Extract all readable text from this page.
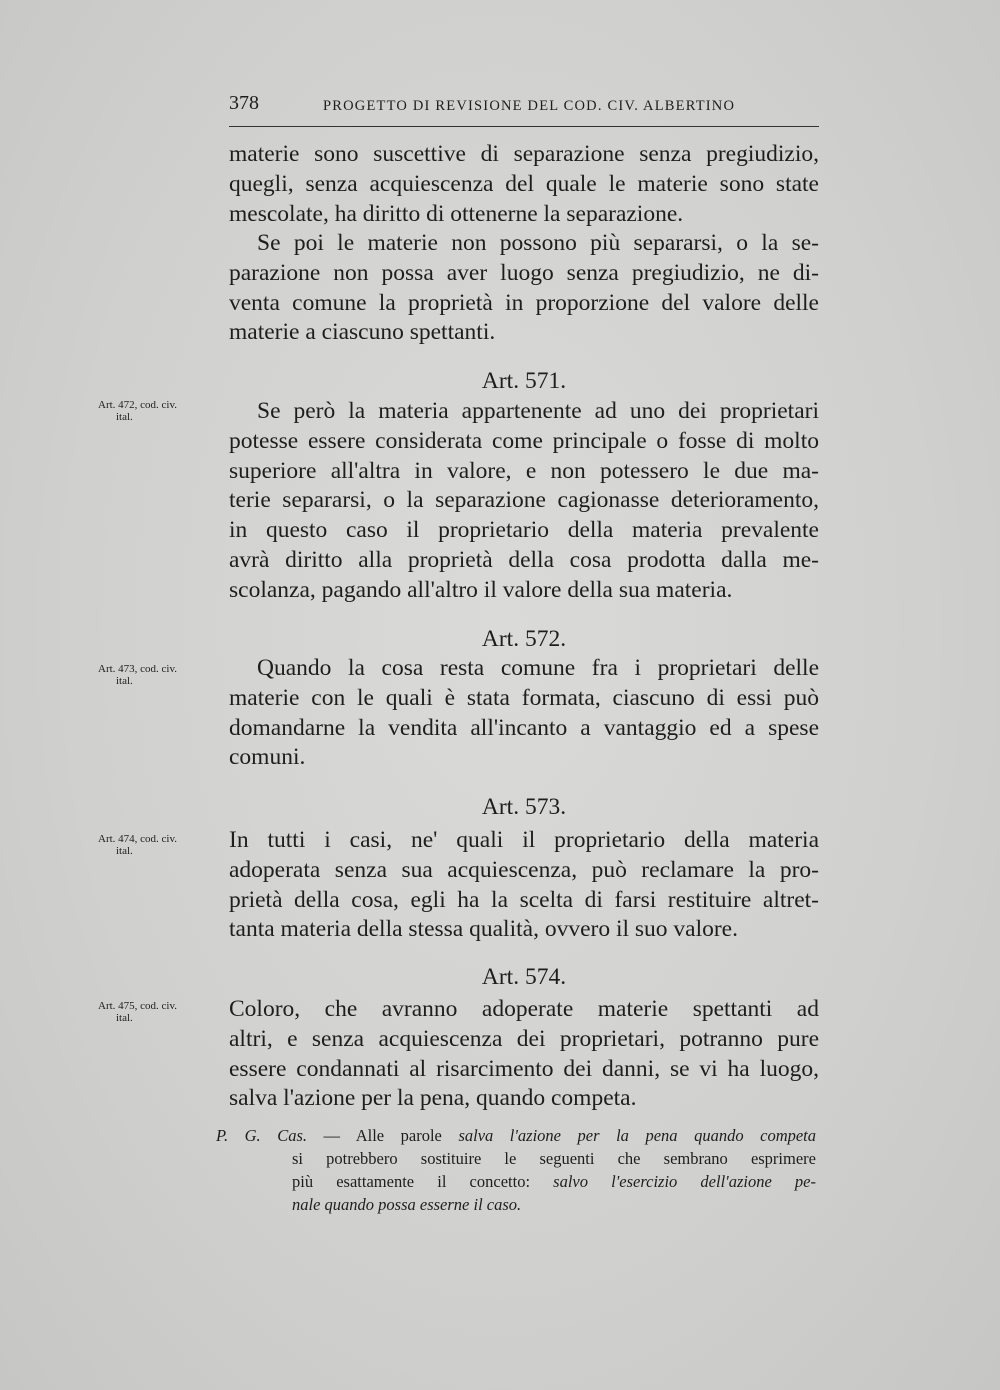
378	PROGETTO DI REVISIONE DEL COD. CIV. ALBERTINO
materie sono suscettive di separazione senza pregiudizio,
quegli, senza acquiescenza del quale le materie sono state
mescolate, ha diritto di ottenerne la separazione.
Se poi le materie non possono più separarsi, o la se-
parazione non possa aver luogo senza pregiudizio, ne di-
venta comune la proprietà in proporzione del valore delle
materie a ciascuno spettanti.
Art. 571.
Art. 472, cod. civ.
ital.	Se però la materia appartenente ad uno dei proprietari
potesse essere considerata come principale o fosse di molto
superiore all'altra in valore, e non potessero le due ma-
terie separarsi, o la separazione cagionasse deterioramento,
in questo caso il proprietario della materia prevalente
avrà diritto alla proprietà della cosa prodotta dalla me-
scolanza, pagando all'altro il valore della sua materia.
Art. 572.
Art. 473, cod. civ.
ital.	Quando la cosa resta comune fra i proprietari delle
materie con le quali è stata formata, ciascuno di essi può
domandarne la vendita all'incanto a vantaggio ed a spese
comuni.
Art. 573.
Art. 474, cod. civ.
ital.	In tutti i casi, ne' quali il proprietario della materia
adoperata senza sua acquiescenza, può reclamare la pro-
prietà della cosa, egli ha la scelta di farsi restituire altret-
tanta materia della stessa qualità, ovvero il suo valore.
Art. 574.
Art. 475, cod. civ.
ital.	Coloro, che avranno adoperate materie spettanti ad
altri, e senza acquiescenza dei proprietari, potranno pure
essere condannati al risarcimento dei danni, se vi ha luogo,
salva l'azione per la pena, quando competa.
P. G. Cas. — Alle parole salva l'azione per la pena quando competa
si potrebbero sostituire le seguenti che sembrano esprimere
più esattamente il concetto: salvo l'esercizio dell'azione pe-
nale quando possa esserne il caso.
